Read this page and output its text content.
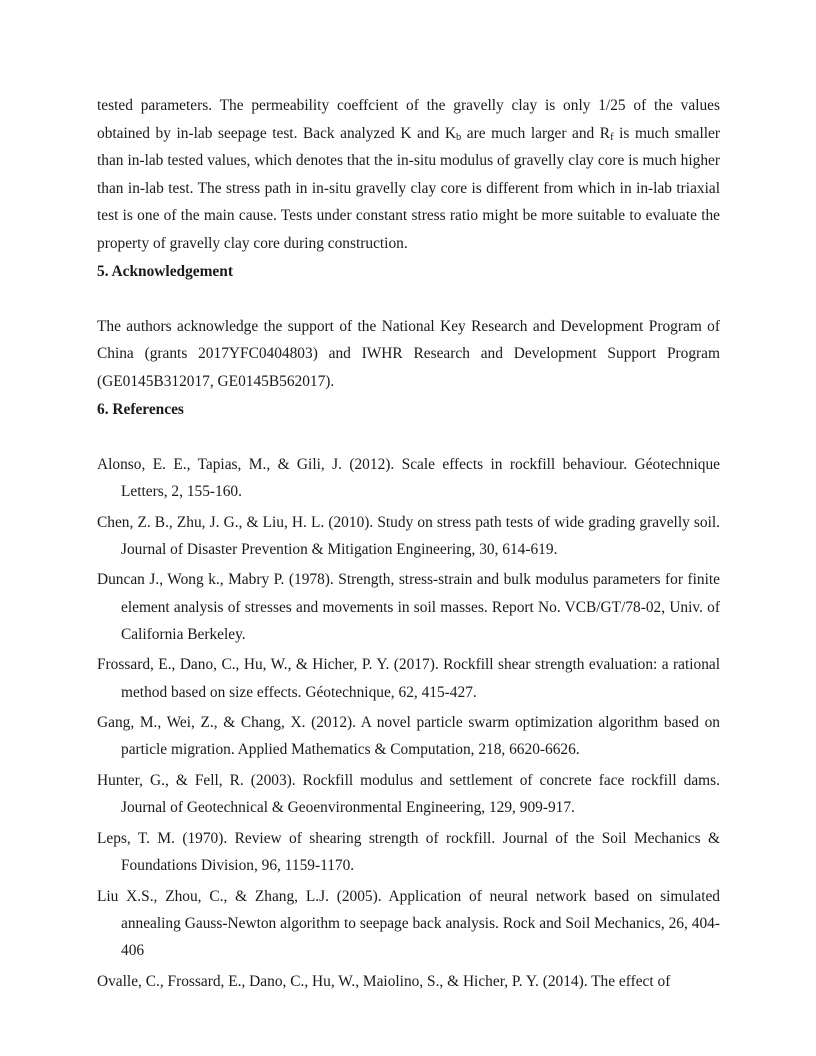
tested parameters. The permeability coeffcient of the gravelly clay is only 1/25 of the values obtained by in-lab seepage test. Back analyzed K and $K_b$ are much larger and $R_f$ is much smaller than in-lab tested values, which denotes that the in-situ modulus of gravelly clay core is much higher than in-lab test. The stress path in in-situ gravelly clay core is different from which in in-lab triaxial test is one of the main cause. Tests under constant stress ratio might be more suitable to evaluate the property of gravelly clay core during construction.

5. Acknowledgement

The authors acknowledge the support of the National Key Research and Development Program of China (grants 2017YFC0404803) and IWHR Research and Development Support Program (GE0145B312017, GE0145B562017).

6. References

Alonso, E. E., Tapias, M., & Gili, J. (2012). Scale effects in rockfill behaviour. Géotechnique Letters, 2, 155-160.

Chen, Z. B., Zhu, J. G., & Liu, H. L. (2010). Study on stress path tests of wide grading gravelly soil. Journal of Disaster Prevention & Mitigation Engineering, 30, 614-619.

Duncan J., Wong k., Mabry P. (1978). Strength, stress-strain and bulk modulus parameters for finite element analysis of stresses and movements in soil masses. Report No. VCB/GT/78-02, Univ. of California Berkeley.

Frossard, E., Dano, C., Hu, W., & Hicher, P. Y. (2017). Rockfill shear strength evaluation: a rational method based on size effects. Géotechnique, 62, 415-427.

Gang, M., Wei, Z., & Chang, X. (2012). A novel particle swarm optimization algorithm based on particle migration. Applied Mathematics & Computation, 218, 6620-6626.

Hunter, G., & Fell, R. (2003). Rockfill modulus and settlement of concrete face rockfill dams. Journal of Geotechnical & Geoenvironmental Engineering, 129, 909-917.

Leps, T. M. (1970). Review of shearing strength of rockfill. Journal of the Soil Mechanics & Foundations Division, 96, 1159-1170.

Liu X.S., Zhou, C., & Zhang, L.J. (2005). Application of neural network based on simulated annealing Gauss-Newton algorithm to seepage back analysis. Rock and Soil Mechanics, 26, 404-406

Ovalle, C., Frossard, E., Dano, C., Hu, W., Maiolino, S., & Hicher, P. Y. (2014). The effect of
